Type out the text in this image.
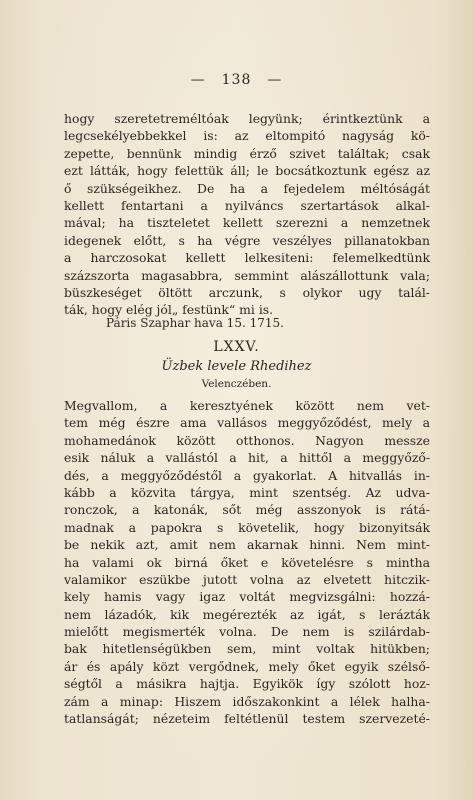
— 138 —
hogy szeretetreméltóak legyünk; érintkeztünk a
legcsekélyebbekkel is: az eltompitó nagyság kö-
zepette, bennünk mindig érző szivet találtak; csak
ezt látták, hogy felettük áll; le bocsátkoztunk egész az
ő szükségeikhez. De ha a fejedelem méltóságát
kellett fentartani a nyilváncs szertartások alkal-
mával; ha tiszteletet kellett szerezni a nemzetnek
idegenek előtt, s ha végre veszélyes pillanatokban
a harczosokat kellett lelkesiteni: felemelkedtünk
százszorta magasabbra, semmint alászállottunk vala;
büszkeséget öltött arczunk, s olykor ugy talál-
ták, hogy elég jól„ festünk“ mi is.
Páris Szaphar hava 15. 1715.
LXXV.
Üzbek levele Rhedihez
Velenczében.
Megvallom, a keresztyének között nem vet-
tem még észre ama vallásos meggyőződést, mely a
mohamedánok között otthonos. Nagyon messze
esik náluk a vallástól a hit, a hittől a meggyőző-
dés, a meggyőződéstől a gyakorlat. A hitvallás in-
kább a közvita tárgya, mint szentség. Az udva-
ronczok, a katonák, sőt még asszonyok is rátá-
madnak a papokra s követelik, hogy bizonyitsák
be nekik azt, amit nem akarnak hinni. Nem mint-
ha valami ok birná őket e követelésre s mintha
valamikor eszükbe jutott volna az elvetett hitczik-
kely hamis vagy igaz voltát megvizsgálni: hozzá-
nem lázadók, kik megérezték az igát, s lerázták
mielőtt megismerték volna. De nem is szilárdab-
bak hitetlenségükben sem, mint voltak hitükben;
ár és apály közt vergődnek, mely őket egyik szélső-
ségtől a másikra hajtja. Egyikök így szólott hoz-
zám a minap: Hiszem időszakonkint a lélek halha-
tatlanságát; nézeteim feltétlenül testem szervezeté-
